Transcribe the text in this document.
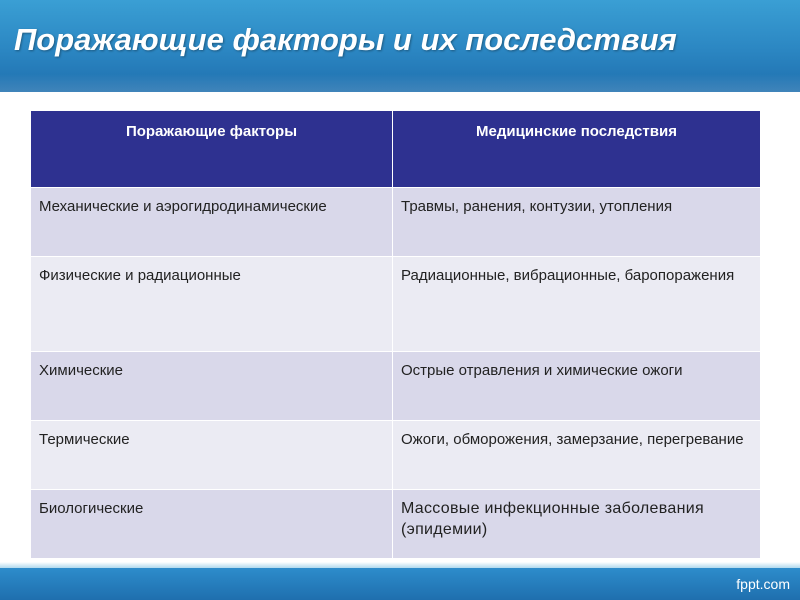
Поражающие факторы и их последствия
Поражающие факторы	Медицинские последствия
Механические и аэрогидродинамические	Травмы, ранения, контузии, утопления
Физические и радиационные	Радиационные, вибрационные, баропоражения
Химические	Острые отравления и химические ожоги
Термические	Ожоги, обморожения, замерзание, перегревание
Биологические	Массовые инфекционные заболевания (эпидемии)
fppt.com
